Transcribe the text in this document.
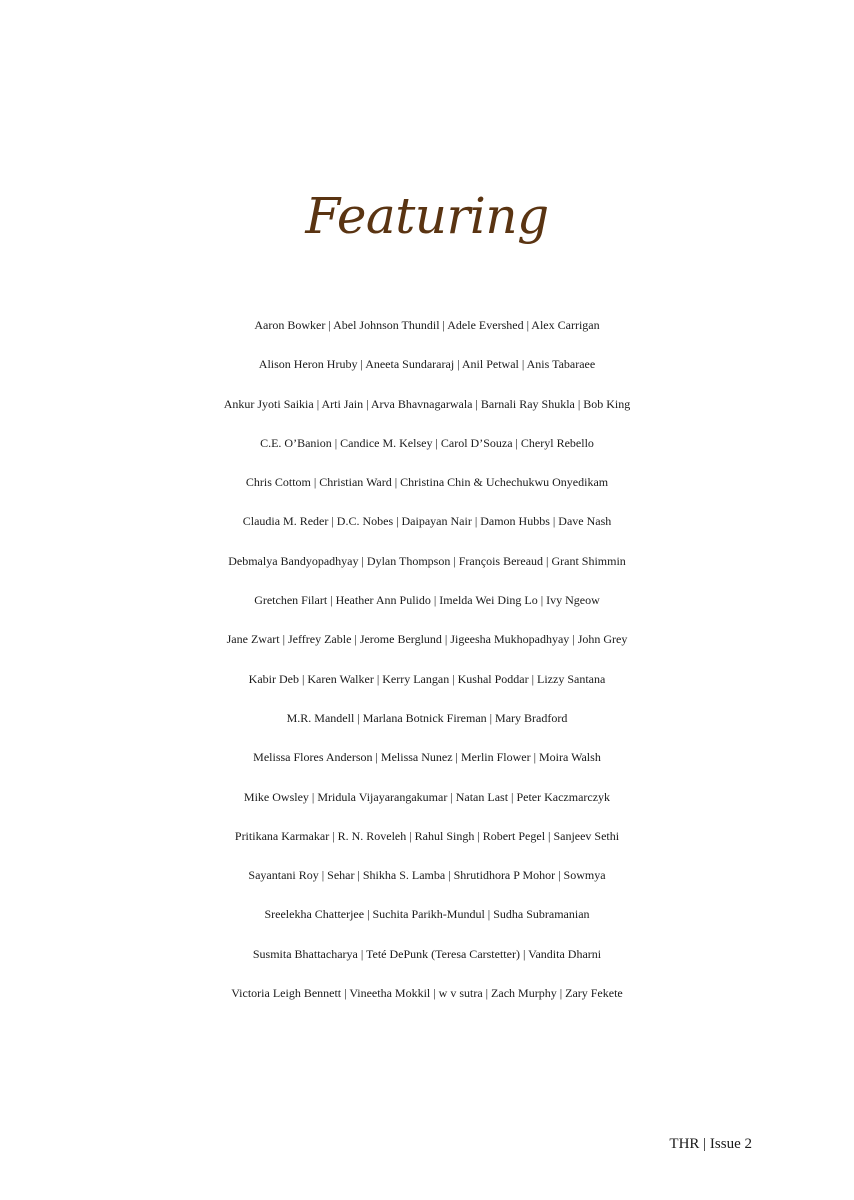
Featuring
Aaron Bowker | Abel Johnson Thundil | Adele Evershed | Alex Carrigan
Alison Heron Hruby | Aneeta Sundararaj | Anil Petwal | Anis Tabaraee
Ankur Jyoti Saikia | Arti Jain | Arva Bhavnagarwala | Barnali Ray Shukla | Bob King
C.E. O’Banion | Candice M. Kelsey | Carol D’Souza | Cheryl Rebello
Chris Cottom | Christian Ward | Christina Chin & Uchechukwu Onyedikam
Claudia M. Reder | D.C. Nobes | Daipayan Nair | Damon Hubbs | Dave Nash
Debmalya Bandyopadhyay | Dylan Thompson | François Bereaud | Grant Shimmin
Gretchen Filart | Heather Ann Pulido | Imelda Wei Ding Lo | Ivy Ngeow
Jane Zwart | Jeffrey Zable | Jerome Berglund | Jigeesha Mukhopadhyay | John Grey
Kabir Deb | Karen Walker | Kerry Langan | Kushal Poddar | Lizzy Santana
M.R. Mandell | Marlana Botnick Fireman | Mary Bradford
Melissa Flores Anderson | Melissa Nunez | Merlin Flower | Moira Walsh
Mike Owsley | Mridula Vijayarangakumar | Natan Last | Peter Kaczmarczyk
Pritikana Karmakar | R. N. Roveleh | Rahul Singh | Robert Pegel | Sanjeev Sethi
Sayantani Roy | Sehar | Shikha S. Lamba | Shrutidhora P Mohor | Sowmya
Sreelekha Chatterjee | Suchita Parikh-Mundul | Sudha Subramanian
Susmita Bhattacharya | Teté DePunk (Teresa Carstetter) | Vandita Dharni
Victoria Leigh Bennett | Vineetha Mokkil | w v sutra | Zach Murphy | Zary Fekete
THR | Issue 2
